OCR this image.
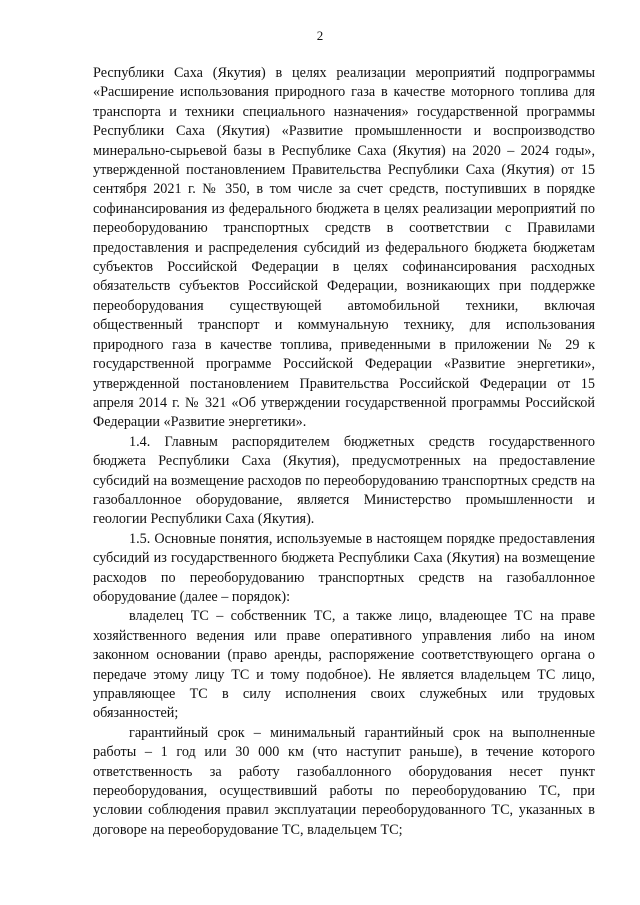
2

Республики Саха (Якутия) в целях реализации мероприятий подпрограммы «Расширение использования природного газа в качестве моторного топлива для транспорта и техники специального назначения» государственной программы Республики Саха (Якутия) «Развитие промышленности и воспроизводство минерально-сырьевой базы в Республике Саха (Якутия) на 2020 – 2024 годы», утвержденной постановлением Правительства Республики Саха (Якутия) от 15 сентября 2021 г. № 350, в том числе за счет средств, поступивших в порядке софинансирования из федерального бюджета в целях реализации мероприятий по переоборудованию транспортных средств в соответствии с Правилами предоставления и распределения субсидий из федерального бюджета бюджетам субъектов Российской Федерации в целях софинансирования расходных обязательств субъектов Российской Федерации, возникающих при поддержке переоборудования существующей автомобильной техники, включая общественный транспорт и коммунальную технику, для использования природного газа в качестве топлива, приведенными в приложении № 29 к государственной программе Российской Федерации «Развитие энергетики», утвержденной постановлением Правительства Российской Федерации от 15 апреля 2014 г. № 321 «Об утверждении государственной программы Российской Федерации «Развитие энергетики».

1.4. Главным распорядителем бюджетных средств государственного бюджета Республики Саха (Якутия), предусмотренных на предоставление субсидий на возмещение расходов по переоборудованию транспортных средств на газобаллонное оборудование, является Министерство промышленности и геологии Республики Саха (Якутия).

1.5. Основные понятия, используемые в настоящем порядке предоставления субсидий из государственного бюджета Республики Саха (Якутия) на возмещение расходов по переоборудованию транспортных средств на газобаллонное оборудование (далее – порядок):

владелец ТС – собственник ТС, а также лицо, владеющее ТС на праве хозяйственного ведения или праве оперативного управления либо на ином законном основании (право аренды, распоряжение соответствующего органа о передаче этому лицу ТС и тому подобное). Не является владельцем ТС лицо, управляющее ТС в силу исполнения своих служебных или трудовых обязанностей;

гарантийный срок – минимальный гарантийный срок на выполненные работы – 1 год или 30 000 км (что наступит раньше), в течение которого ответственность за работу газобаллонного оборудования несет пункт переоборудования, осуществивший работы по переоборудованию ТС, при условии соблюдения правил эксплуатации переоборудованного ТС, указанных в договоре на переоборудование ТС, владельцем ТС;
